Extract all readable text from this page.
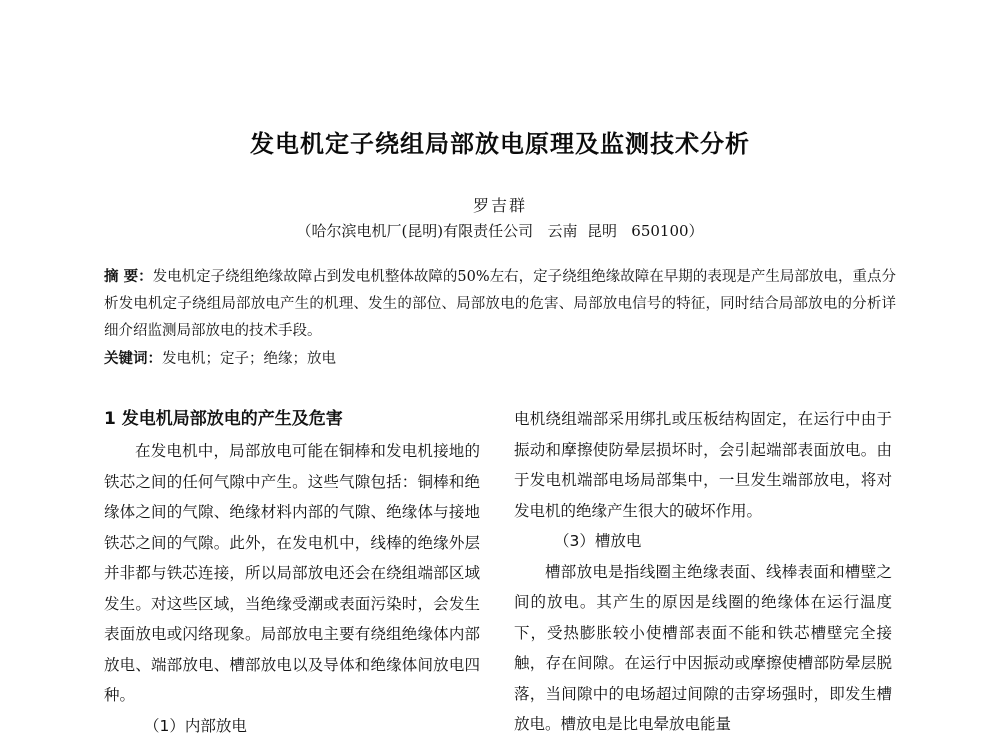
发电机定子绕组局部放电原理及监测技术分析
罗吉群
（哈尔滨电机厂(昆明)有限责任公司   云南  昆明   650100）
摘 要：发电机定子绕组绝缘故障占到发电机整体故障的50%左右，定子绕组绝缘故障在早期的表现是产生局部放电，重点分析发电机定子绕组局部放电产生的机理、发生的部位、局部放电的危害、局部放电信号的特征，同时结合局部放电的分析详细介绍监测局部放电的技术手段。
关键词：发电机；定子；绝缘；放电
1 发电机局部放电的产生及危害

在发电机中，局部放电可能在铜棒和发电机接地的铁芯之间的任何气隙中产生。这些气隙包括：铜棒和绝缘体之间的气隙、绝缘材料内部的气隙、绝缘体与接地铁芯之间的气隙。此外，在发电机中，线棒的绝缘外层并非都与铁芯连接，所以局部放电还会在绕组端部区域发生。对这些区域，当绝缘受潮或表面污染时，会发生表面放电或闪络现象。局部放电主要有绕组绝缘体内部放电、端部放电、槽部放电以及导体和绝缘体间放电四种。

（1）内部放电

电机绕组端部采用绑扎或压板结构固定，在运行中由于振动和摩擦使防晕层损坏时，会引起端部表面放电。由于发电机端部电场局部集中，一旦发生端部放电，将对发电机的绝缘产生很大的破坏作用。

（3）槽放电

槽部放电是指线圈主绝缘表面、线棒表面和槽壁之间的放电。其产生的原因是线圈的绝缘体在运行温度下，受热膨胀较小使槽部表面不能和铁芯槽壁完全接触，存在间隙。在运行中因振动或摩擦使槽部防晕层脱落，当间隙中的电场超过间隙的击穿场强时，即发生槽放电。槽放电是比电晕放电能量
